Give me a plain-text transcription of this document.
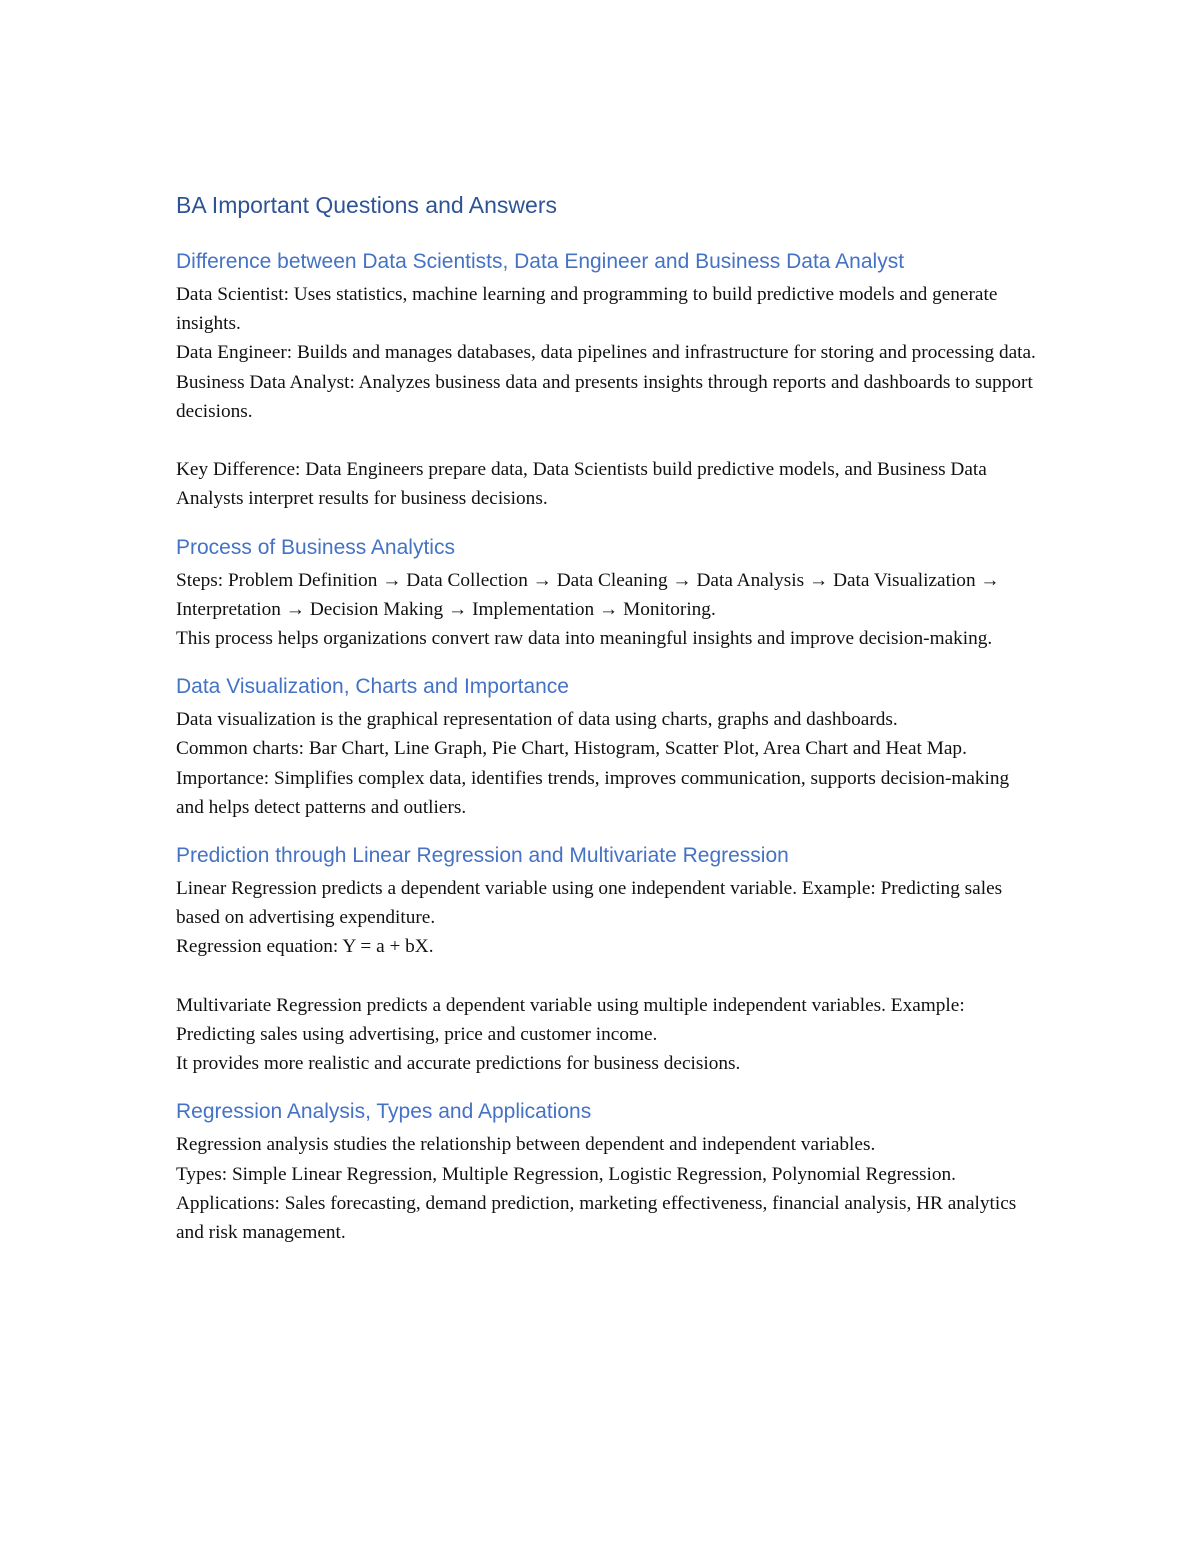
BA Important Questions and Answers
Difference between Data Scientists, Data Engineer and Business Data Analyst

Data Scientist: Uses statistics, machine learning and programming to build predictive models and generate insights.

Data Engineer: Builds and manages databases, data pipelines and infrastructure for storing and processing data.

Business Data Analyst: Analyzes business data and presents insights through reports and dashboards to support decisions.

Key Difference: Data Engineers prepare data, Data Scientists build predictive models, and Business Data Analysts interpret results for business decisions.

Process of Business Analytics

Steps: Problem Definition → Data Collection → Data Cleaning → Data Analysis → Data Visualization → Interpretation → Decision Making → Implementation → Monitoring.

This process helps organizations convert raw data into meaningful insights and improve decision-making.

Data Visualization, Charts and Importance

Data visualization is the graphical representation of data using charts, graphs and dashboards.

Common charts: Bar Chart, Line Graph, Pie Chart, Histogram, Scatter Plot, Area Chart and Heat Map.

Importance: Simplifies complex data, identifies trends, improves communication, supports decision-making and helps detect patterns and outliers.

Prediction through Linear Regression and Multivariate Regression

Linear Regression predicts a dependent variable using one independent variable. Example: Predicting sales based on advertising expenditure.

Regression equation: Y = a + bX.

Multivariate Regression predicts a dependent variable using multiple independent variables. Example: Predicting sales using advertising, price and customer income.

It provides more realistic and accurate predictions for business decisions.

Regression Analysis, Types and Applications

Regression analysis studies the relationship between dependent and independent variables.

Types: Simple Linear Regression, Multiple Regression, Logistic Regression, Polynomial Regression.

Applications: Sales forecasting, demand prediction, marketing effectiveness, financial analysis, HR analytics and risk management.
